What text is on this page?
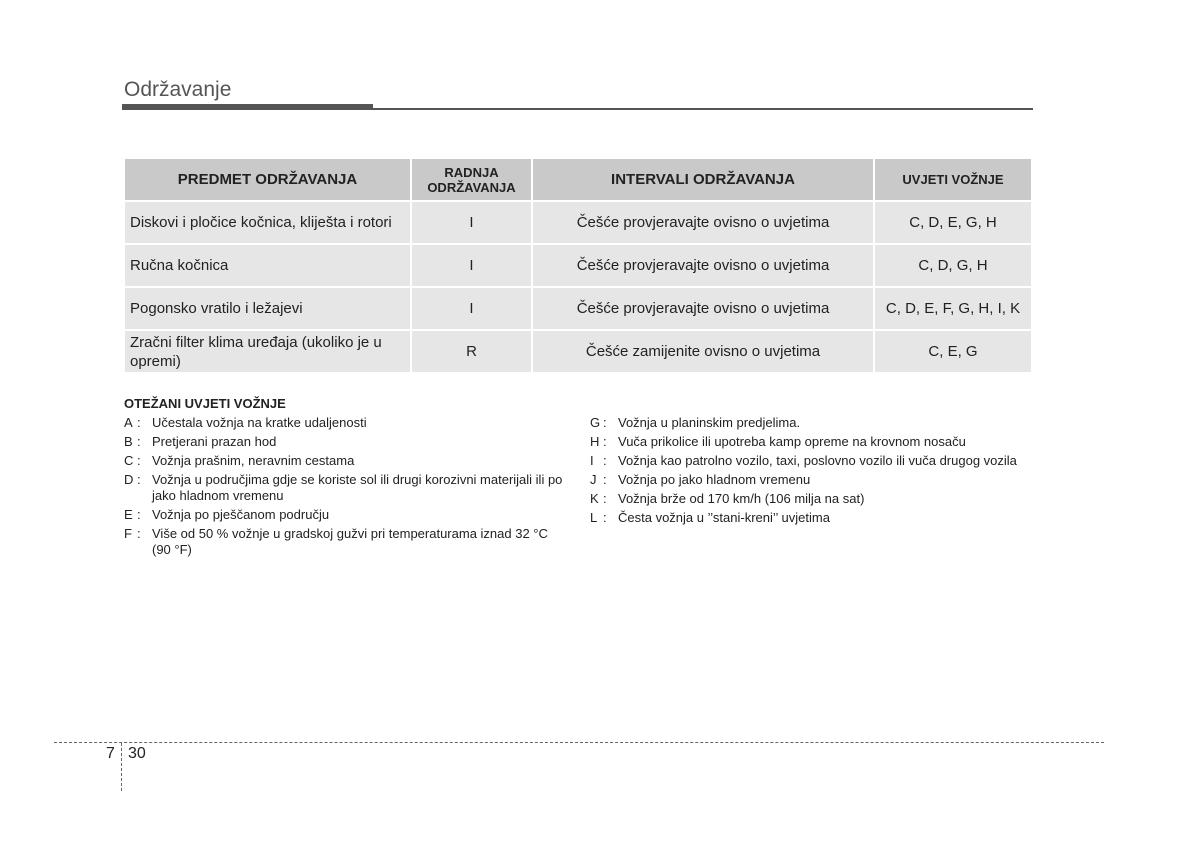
Održavanje
PREDMET ODRŽAVANJA	RADNJA ODRŽAVANJA	INTERVALI ODRŽAVANJA	UVJETI VOŽNJE
Diskovi i pločice kočnica, kliješta i rotori	I	Češće provjeravajte ovisno o uvjetima	C, D, E, G, H
Ručna kočnica	I	Češće provjeravajte ovisno o uvjetima	C, D, G, H
Pogonsko vratilo i ležajevi	I	Češće provjeravajte ovisno o uvjetima	C, D, E, F, G, H, I, K
Zračni filter klima uređaja (ukoliko je u opremi)	R	Češće zamijenite ovisno o uvjetima	C, E, G
OTEŽANI UVJETI VOŽNJE
A : Učestala vožnja na kratke udaljenosti
B : Pretjerani prazan hod
C : Vožnja prašnim, neravnim cestama
D : Vožnja u područjima gdje se koriste sol ili drugi korozivni materijali ili po jako hladnom vremenu
E : Vožnja po pješčanom području
F : Više od 50 % vožnje u gradskoj gužvi pri temperaturama iznad 32 °C (90 °F)
G : Vožnja u planinskim predjelima.
H : Vuča prikolice ili upotreba kamp opreme na krovnom nosaču
I : Vožnja kao patrolno vozilo, taxi, poslovno vozilo ili vuča drugog vozila
J : Vožnja po jako hladnom vremenu
K : Vožnja brže od 170 km/h (106 milja na sat)
L : Česta vožnja u ’’stani-kreni’’ uvjetima
7 30
